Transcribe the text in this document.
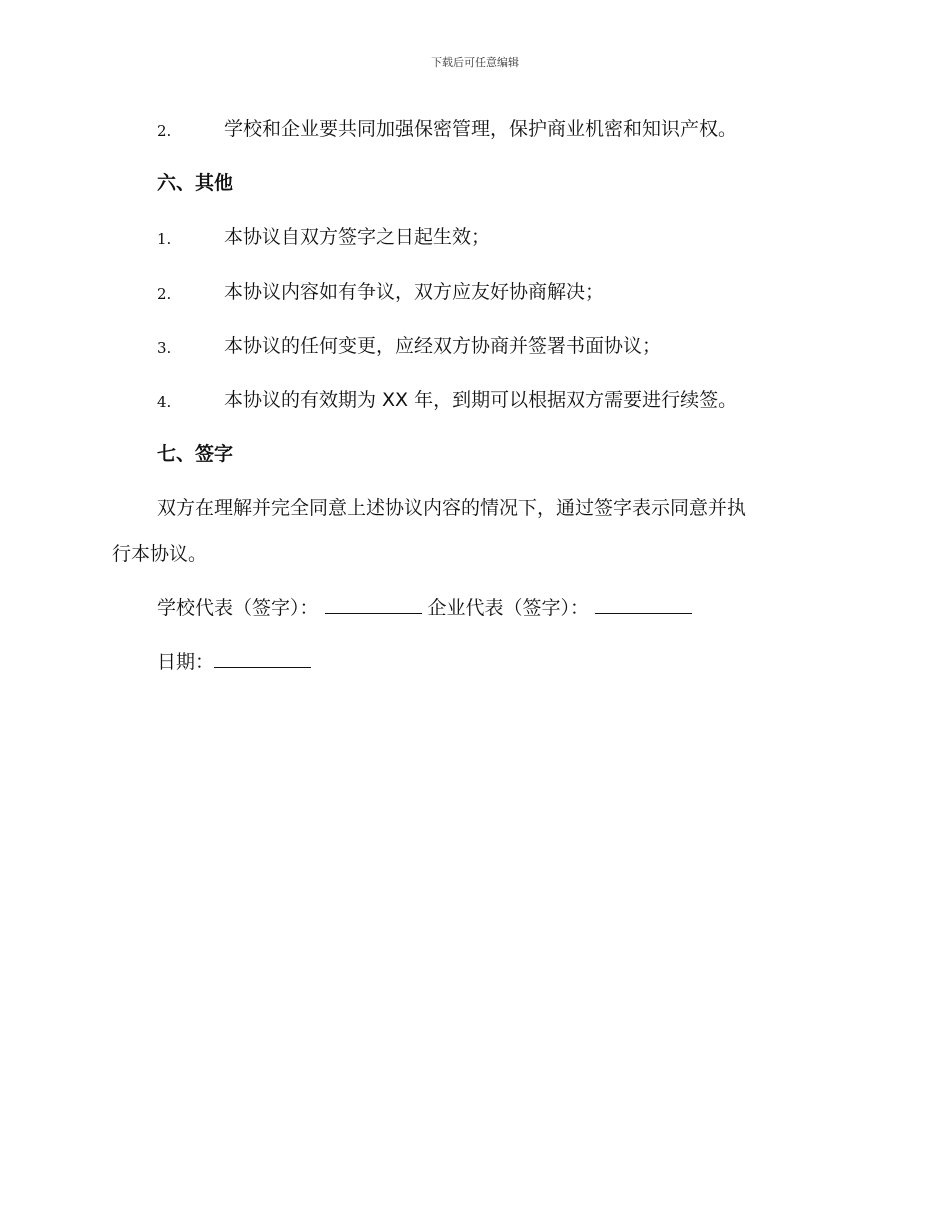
下载后可任意编辑
2.	学校和企业要共同加强保密管理，保护商业机密和知识产权。
六、其他
1.	本协议自双方签字之日起生效；
2.	本协议内容如有争议，双方应友好协商解决；
3.	本协议的任何变更，应经双方协商并签署书面协议；
4.	本协议的有效期为 XX 年，到期可以根据双方需要进行续签。
七、签字
双方在理解并完全同意上述协议内容的情况下，通过签字表示同意并执
行本协议。
学校代表（签字）：	企业代表（签字）：
日期：
